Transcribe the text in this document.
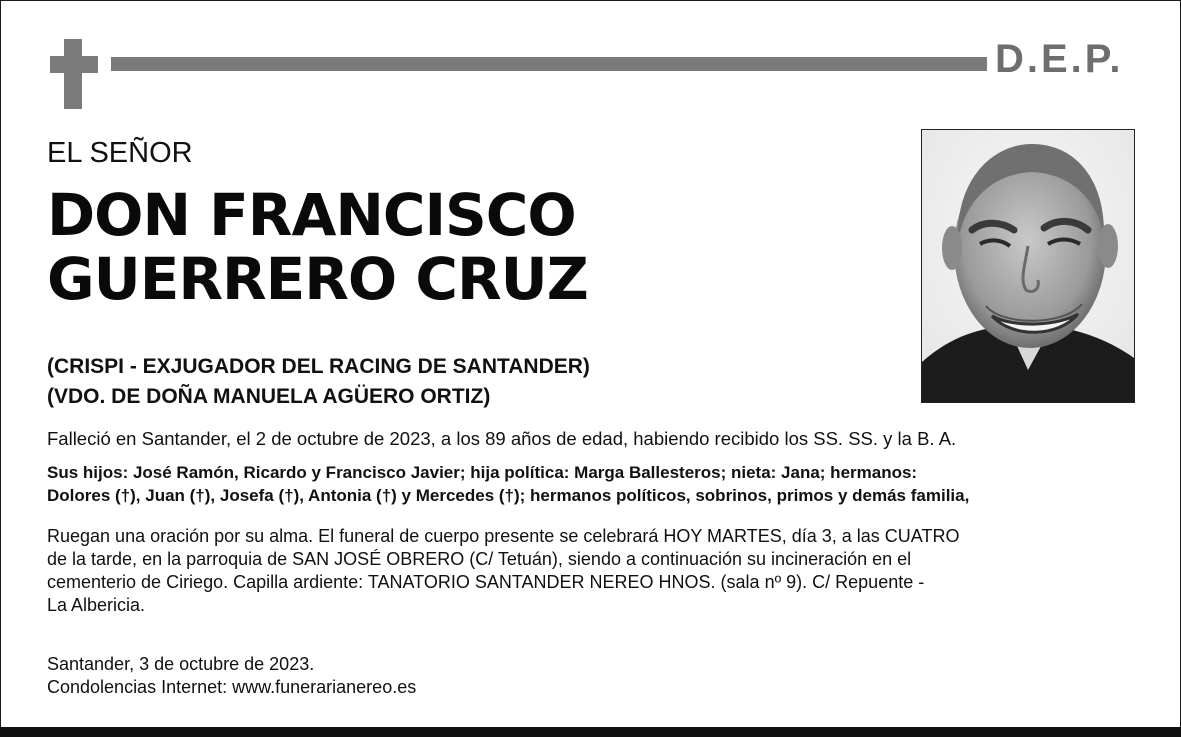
D.E.P.
EL SEÑOR
DON FRANCISCO
GUERRERO CRUZ
(CRISPI - EXJUGADOR DEL RACING DE SANTANDER)
(VDO. DE DOÑA MANUELA AGÜERO ORTIZ)
Falleció en Santander, el 2 de octubre de 2023, a los 89 años de edad, habiendo recibido los SS. SS. y la B. A.
Sus hijos: José Ramón, Ricardo y Francisco Javier; hija política: Marga Ballesteros; nieta: Jana; hermanos:
Dolores (†), Juan (†), Josefa (†), Antonia (†) y Mercedes (†); hermanos políticos, sobrinos, primos y demás familia,
Ruegan una oración por su alma. El funeral de cuerpo presente se celebrará HOY MARTES, día 3, a las CUATRO
de la tarde, en la parroquia de SAN JOSÉ OBRERO (C/ Tetuán), siendo a continuación su incineración en el
cementerio de Ciriego. Capilla ardiente: TANATORIO SANTANDER NEREO HNOS. (sala nº 9). C/ Repuente -
La Albericia.
Santander, 3 de octubre de 2023.
Condolencias Internet: www.funerarianereo.es
